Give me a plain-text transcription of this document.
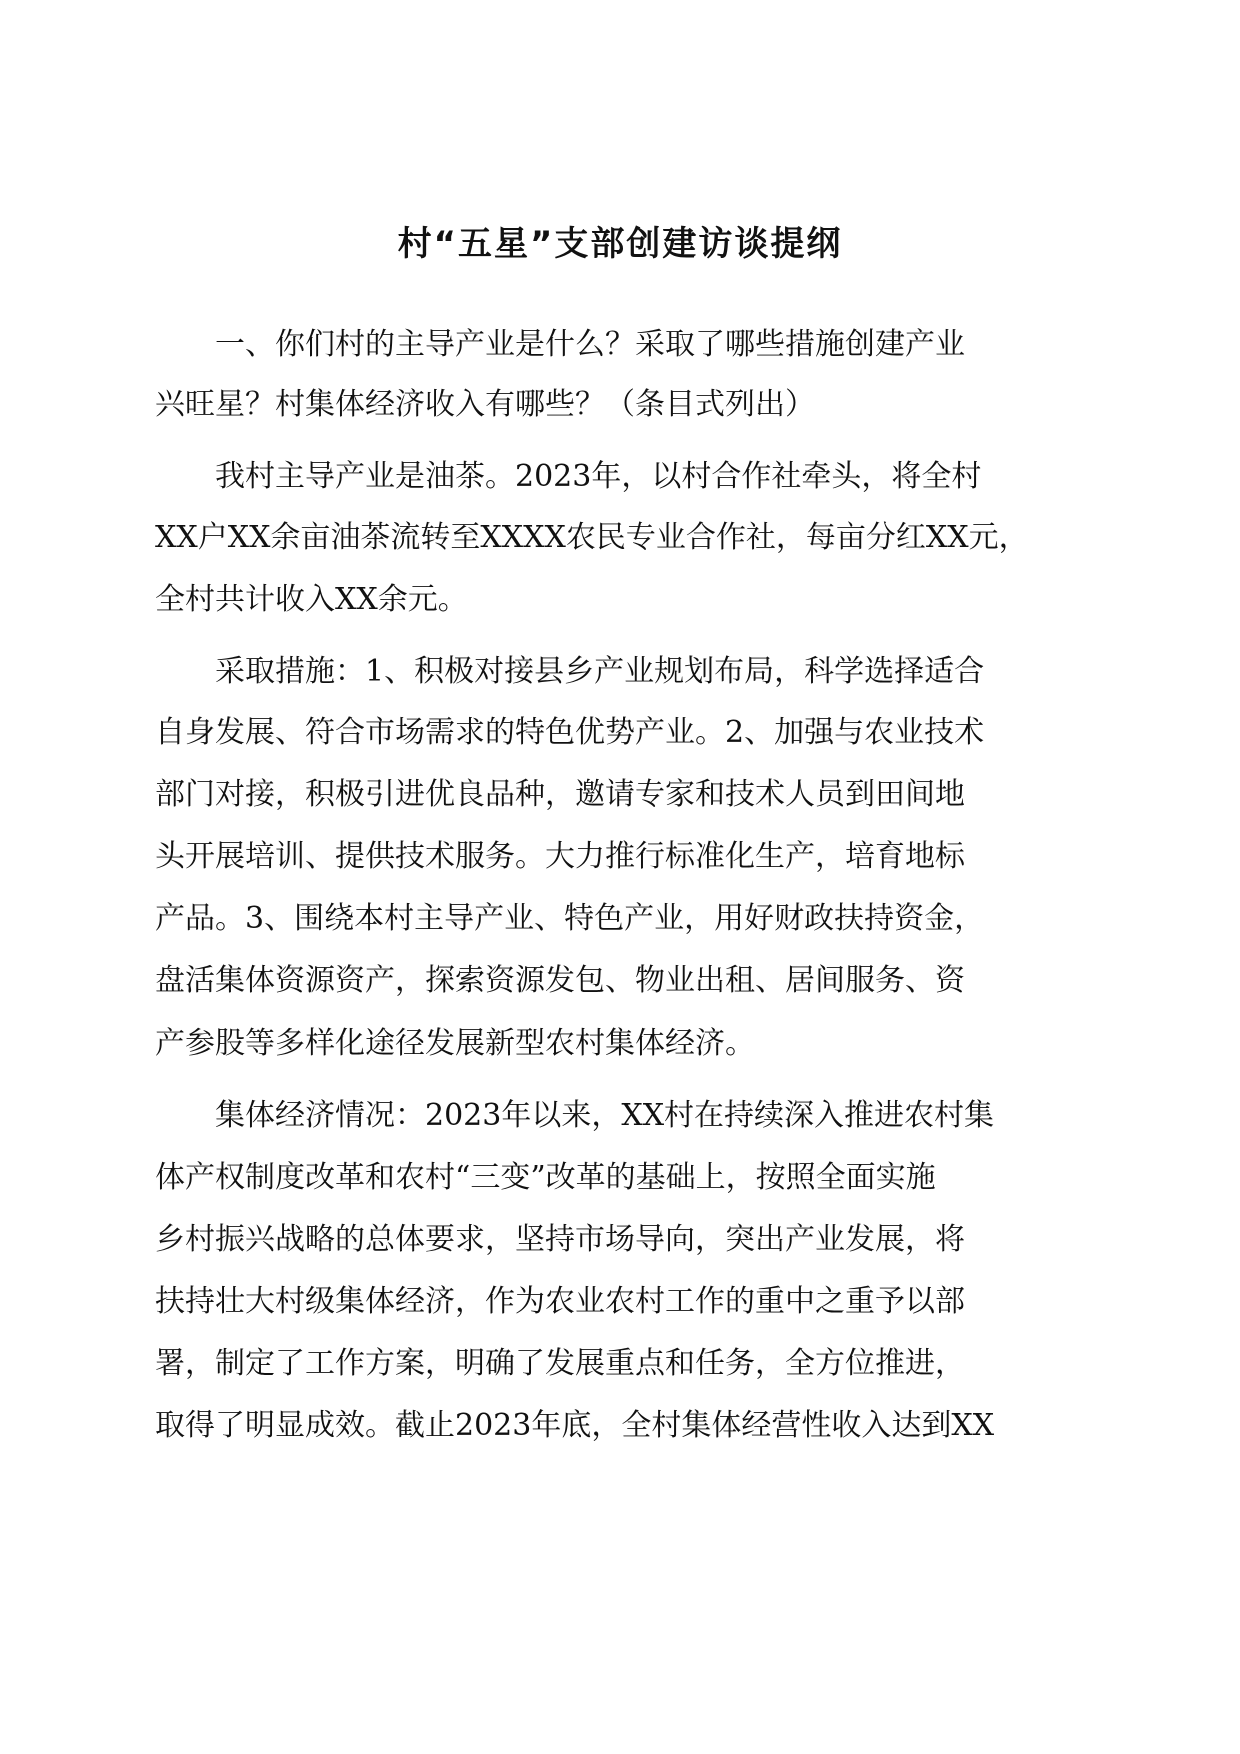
村“五星”支部创建访谈提纲
　　一、你们村的主导产业是什么？采取了哪些措施创建产业
兴旺星？村集体经济收入有哪些？（条目式列出）
　　我村主导产业是油茶。2023年，以村合作社牵头，将全村
XX户XX余亩油茶流转至XXXX农民专业合作社，每亩分红XX元，
全村共计收入XX余元。
　　采取措施：1、积极对接县乡产业规划布局，科学选择适合
自身发展、符合市场需求的特色优势产业。2、加强与农业技术
部门对接，积极引进优良品种，邀请专家和技术人员到田间地
头开展培训、提供技术服务。大力推行标准化生产，培育地标
产品。3、围绕本村主导产业、特色产业，用好财政扶持资金，
盘活集体资源资产，探索资源发包、物业出租、居间服务、资
产参股等多样化途径发展新型农村集体经济。
　　集体经济情况：2023年以来，XX村在持续深入推进农村集
体产权制度改革和农村“三变”改革的基础上，按照全面实施
乡村振兴战略的总体要求，坚持市场导向，突出产业发展，将
扶持壮大村级集体经济，作为农业农村工作的重中之重予以部
署，制定了工作方案，明确了发展重点和任务，全方位推进，
取得了明显成效。截止2023年底，全村集体经营性收入达到XX
